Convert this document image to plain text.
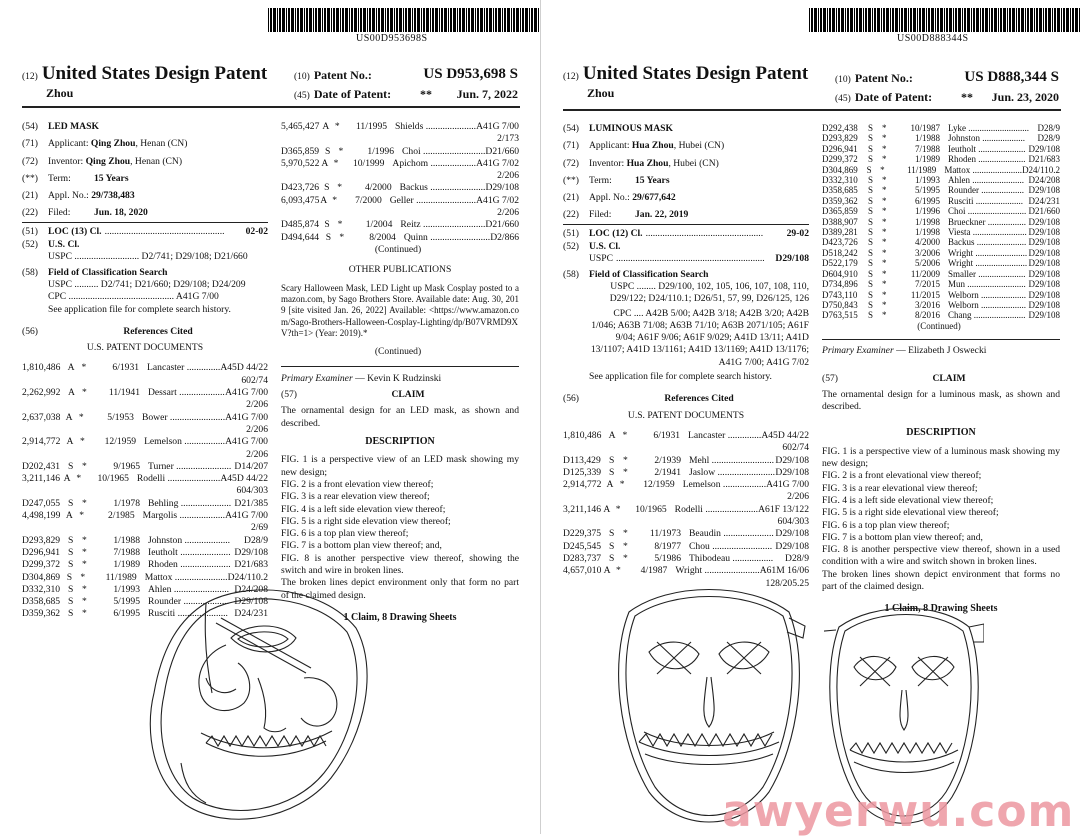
US00D953698S
(12) United States Design Patent
Zhou
(10) Patent No.:	US D953,698 S
(45) Date of Patent: ** Jun. 7, 2022
(54)	LED MASK
(71)	Applicant: Qing Zhou, Henan (CN)
(72)	Inventor: Qing Zhou, Henan (CN)
(**)	Term: 15 Years
(21)	Appl. No.: 29/738,483
(22)	Filed: Jun. 18, 2020
(51)	LOC (13) Cl. ..................................................	02-02
(52)	U.S. Cl.
USPC ........................... D2/741; D29/108; D21/660
(58)	Field of Classification Search
USPC .......... D2/741; D21/660; D29/108; D24/209
CPC ............................................ A41G 7/00
See application file for complete search history.
(56)	References Cited
U.S. PATENT DOCUMENTS
1,810,486 A *	6/1931 Lancaster .............. A45D 44/22
602/74
2,262,992 A *	11/1941 Dessart ................... A41G 7/00
2/206
2,637,038 A *	5/1953 Bower ....................... A41G 7/00
2/206
2,914,772 A *	12/1959 Lemelson ................. A41G 7/00
2/206
D202,431 S *	9/1965 Turner ....................... D14/207
3,211,146 A *	10/1965 Rodelli ...................... A45D 44/22
604/303
D247,055 S *	1/1978 Behling ..................... D21/385
4,498,199 A *	2/1985 Margolis ................... A41G 7/00
2/69
D293,829 S *	1/1988 Johnston ...................	D28/9
D296,941 S *	7/1988 Ieutholt ..................... D29/108
D299,372 S *	1/1989 Rhoden ..................... D21/683
D304,869 S *	11/1989 Mattox ...................... D24/110.2
D332,310 S *	1/1993 Ahlen ....................... D24/208
D358,685 S *	5/1995 Rounder ................... D29/108
D359,362 S *	6/1995 Rusciti ..................... D24/231
5,465,427 A *	11/1995 Shields ..................... A41G 7/00
2/173
D365,859 S *	1/1996 Choi .......................... D21/660
5,970,522 A *	10/1999 Apichom ................... A41G 7/02
2/206
D423,726 S *	4/2000 Backus ....................... D29/108
6,093,475 A *	7/2000 Geller ......................... A41G 7/02
2/206
D485,874 S *	1/2004 Reitz .......................... D21/660
D494,644 S *	8/2004 Quinn ......................... D2/866
(Continued)
OTHER PUBLICATIONS

Scary Halloween Mask, LED Light up Mask Cosplay posted to amazon.com, by Sago Brothers Store. Available date: Aug. 30, 2019 [site visited Jan. 26, 2022] Available: <https://www.amazon.com/Sago-Brothers-Halloween-Cosplay-Lighting/dp/B07VRMD9XV?th=1> (Year: 2019).*

(Continued)
Primary Examiner — Kevin K Rudzinski
(57)	CLAIM

The ornamental design for an LED mask, as shown and described.

DESCRIPTION
FIG. 1 is a perspective view of an LED mask showing my new design;
FIG. 2 is a front elevation view thereof;
FIG. 3 is a rear elevation view thereof;
FIG. 4 is a left side elevation view thereof;
FIG. 5 is a right side elevation view thereof;
FIG. 6 is a top plan view thereof;
FIG. 7 is a bottom plan view thereof; and,
FIG. 8 is another perspective view thereof, showing the switch and wire in broken lines.
The broken lines depict environment only that form no part of the claimed design.
1 Claim, 8 Drawing Sheets
US00D888344S
(12) United States Design Patent
Zhou
(10) Patent No.:	US D888,344 S
(45) Date of Patent: ** Jun. 23, 2020
(54)	LUMINOUS MASK
(71)	Applicant: Hua Zhou, Hubei (CN)
(72)	Inventor: Hua Zhou, Hubei (CN)
(**)	Term: 15 Years
(21)	Appl. No.: 29/677,642
(22)	Filed: Jan. 22, 2019
(51)	LOC (12) Cl. .................................................	29-02
(52)	U.S. Cl.
USPC ..............................................................	D29/108
(58)	Field of Classification Search
USPC ........ D29/100, 102, 105, 106, 107, 108, 110, D29/122; D24/110.1; D26/51, 57, 99, D26/125, 126
CPC .... A42B 5/00; A42B 3/18; A42B 3/20; A42B 1/046; A63B 71/08; A63B 71/10; A63B 2071/105; A61F 9/04; A61F 9/06; A61F 9/029; A41D 13/11; A41D 13/1107; A41D 13/1161; A41D 13/1169; A41D 13/1176; A41G 7/00; A41G 7/02
See application file for complete search history.
(56)	References Cited
U.S. PATENT DOCUMENTS
1,810,486 A *	6/1931 Lancaster .............. A45D 44/22
602/74
D113,429 S *	2/1939 Mehl .......................... D29/108
D125,339 S *	2/1941 Jaslow ........................ D29/108
2,914,772 A *	12/1959 Lemelson .................. A41G 7/00
2/206
3,211,146 A *	10/1965 Rodelli ...................... A61F 13/122
604/303
D229,375 S *	11/1973 Beaudin ..................... D29/108
D245,545 S *	8/1977 Chou ......................... D29/108
D283,737 S *	5/1986 Thibodeau .................	D28/9
4,657,010 A *	4/1987 Wright ....................... A61M 16/06
128/205.25
D292,438	S *	10/1987 Lyke ........................... D28/9
D293,829	S *	1/1988 Johnston ...................	D28/9
D296,941	S *	7/1988 Ieutholt ..................... D29/108
D299,372	S *	1/1989 Rhoden ..................... D21/683
D304,869 S *	11/1989 Mattox ...................... D24/110.2
D332,310	S *	1/1993 Ahlen ....................... D24/208
D358,685	S *	5/1995 Rounder ................... D29/108
D359,362	S *	6/1995 Rusciti ..................... D24/231
D365,859	S *	1/1996 Choi .......................... D21/660
D388,907	S *	1/1998 Brueckner ................. D29/108
D389,281	S *	1/1998 Viesta ........................ D29/108
D423,726	S *	4/2000 Backus ...................... D29/108
D518,242	S *	3/2006 Wright ....................... D29/108
D522,179	S *	5/2006 Wright ....................... D29/108
D604,910	S *	11/2009 Smaller ..................... D29/108
D734,896	S *	7/2015 Mun .......................... D29/108
D743,110	S *	11/2015 Welborn .................... D29/108
D750,843	S *	3/2016 Welborn .................... D29/108
D763,515	S *	8/2016 Chang ....................... D29/108
(Continued)
Primary Examiner — Elizabeth J Oswecki
(57)	CLAIM

The ornamental design for a luminous mask, as shown and described.

DESCRIPTION
FIG. 1 is a perspective view of a luminous mask showing my new design;
FIG. 2 is a front elevational view thereof;
FIG. 3 is a rear elevational view thereof;
FIG. 4 is a left side elevational view thereof;
FIG. 5 is a right side elevational view thereof;
FIG. 6 is a top plan view thereof;
FIG. 7 is a bottom plan view thereof; and,
FIG. 8 is another perspective view thereof, shown in a used condition with a wire and switch shown in broken lines.
The broken lines shown depict environment that forms no part of the claimed design.
1 Claim, 8 Drawing Sheets
awyerwu.com
